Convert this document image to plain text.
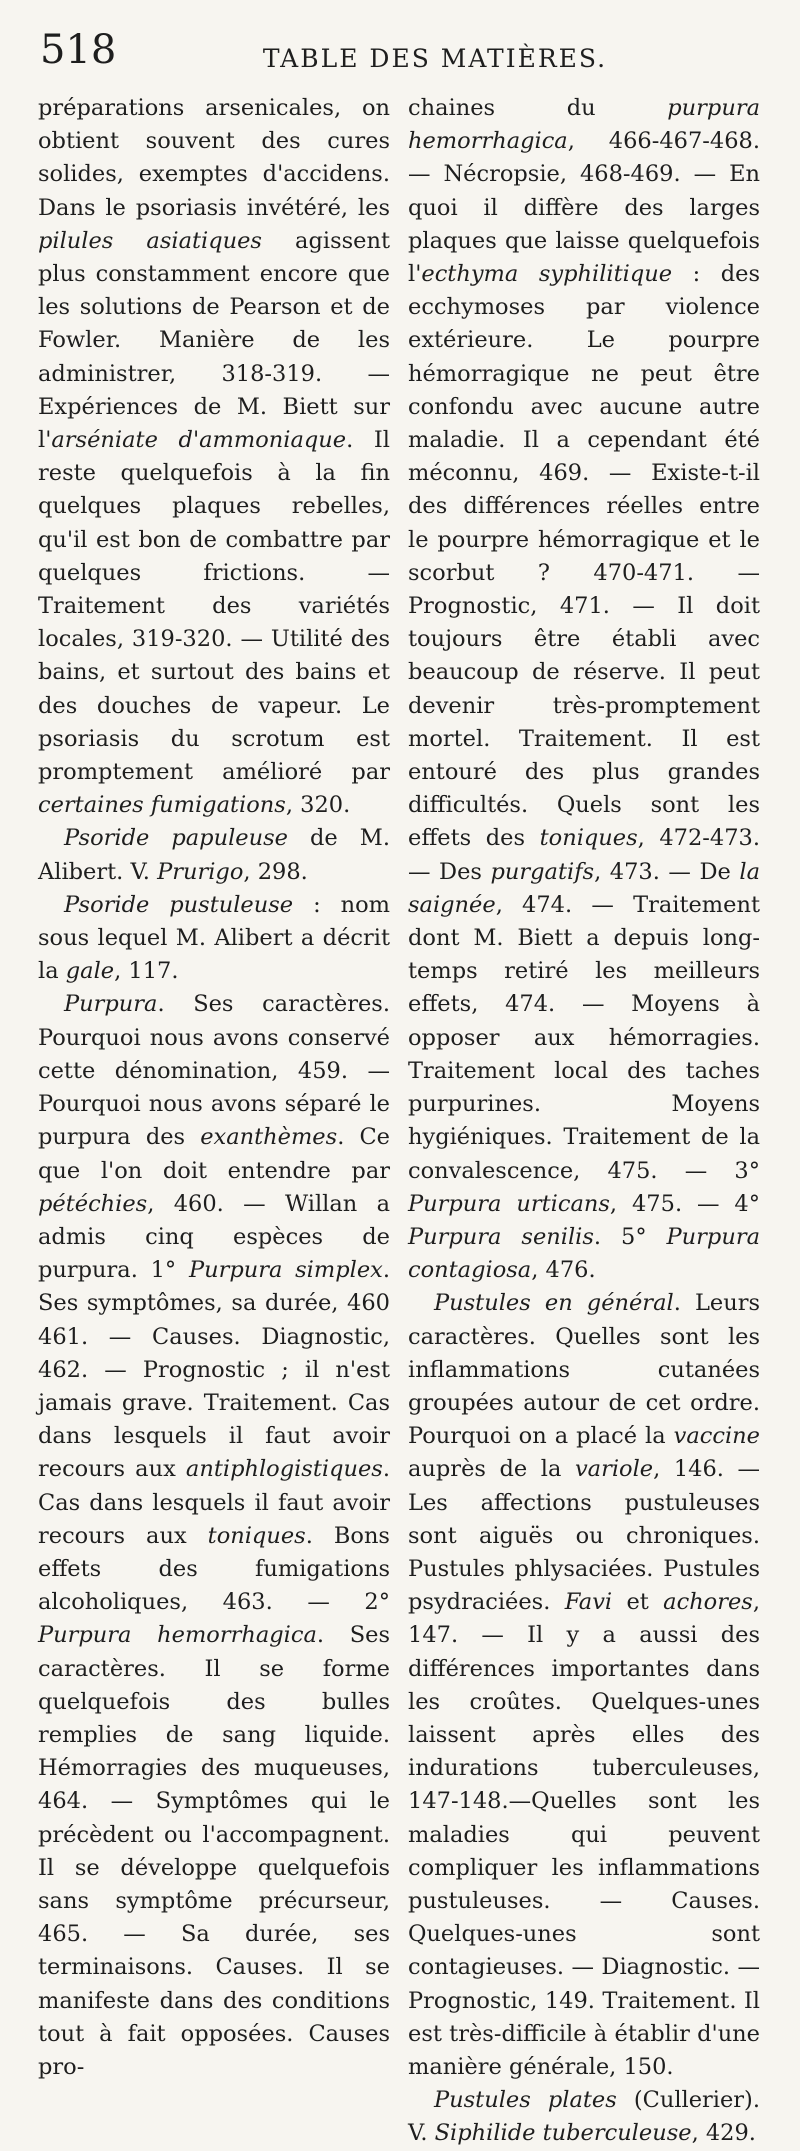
518	TABLE DES MATIÈRES.

préparations arsenicales, on obtient souvent des cures solides, exemptes d'accidens. Dans le psoriasis invétéré, les pilules asiatiques agissent plus constamment encore que les solutions de Pearson et de Fowler. Manière de les administrer, 318-319. — Expériences de M. Biett sur l'arséniate d'ammoniaque. Il reste quelquefois à la fin quelques plaques rebelles, qu'il est bon de combattre par quelques frictions. — Traitement des variétés locales, 319-320. — Utilité des bains, et surtout des bains et des douches de vapeur. Le psoriasis du scrotum est promptement amélioré par certaines fumigations, 320.

Psoride papuleuse de M. Alibert. V. Prurigo, 298.

Psoride pustuleuse : nom sous lequel M. Alibert a décrit la gale, 117.

Purpura. Ses caractères. Pourquoi nous avons conservé cette dénomination, 459. — Pourquoi nous avons séparé le purpura des exanthèmes. Ce que l'on doit entendre par pétéchies, 460. — Willan a admis cinq espèces de purpura. 1° Purpura simplex. Ses symptômes, sa durée, 460 461. — Causes. Diagnostic, 462. — Prognostic ; il n'est jamais grave. Traitement. Cas dans lesquels il faut avoir recours aux antiphlogistiques. Cas dans lesquels il faut avoir recours aux toniques. Bons effets des fumigations alcoholiques, 463. — 2° Purpura hemorrhagica. Ses caractères. Il se forme quelquefois des bulles remplies de sang liquide. Hémorragies des muqueuses, 464. — Symptômes qui le précèdent ou l'accompagnent. Il se développe quelquefois sans symptôme précurseur, 465. — Sa durée, ses terminaisons. Causes. Il se manifeste dans des conditions tout à fait opposées. Causes pro-

chaines du purpura hemorrhagica, 466-467-468. — Nécropsie, 468-469. — En quoi il diffère des larges plaques que laisse quelquefois l'ecthyma syphilitique : des ecchymoses par violence extérieure. Le pourpre hémorragique ne peut être confondu avec aucune autre maladie. Il a cependant été méconnu, 469. — Existe-t-il des différences réelles entre le pourpre hémorragique et le scorbut ? 470-471. — Prognostic, 471. — Il doit toujours être établi avec beaucoup de réserve. Il peut devenir très-promptement mortel. Traitement. Il est entouré des plus grandes difficultés. Quels sont les effets des toniques, 472-473. — Des purgatifs, 473. — De la saignée, 474. — Traitement dont M. Biett a depuis long-temps retiré les meilleurs effets, 474. — Moyens à opposer aux hémorragies. Traitement local des taches purpurines. Moyens hygiéniques. Traitement de la convalescence, 475. — 3° Purpura urticans, 475. — 4° Purpura senilis. 5° Purpura contagiosa, 476.

Pustules en général. Leurs caractères. Quelles sont les inflammations cutanées groupées autour de cet ordre. Pourquoi on a placé la vaccine auprès de la variole, 146. — Les affections pustuleuses sont aiguës ou chroniques. Pustules phlysaciées. Pustules psydraciées. Favi et achores, 147. — Il y a aussi des différences importantes dans les croûtes. Quelques-unes laissent après elles des indurations tuberculeuses, 147-148.—Quelles sont les maladies qui peuvent compliquer les inflammations pustuleuses. — Causes. Quelques-unes sont contagieuses. — Diagnostic. — Prognostic, 149. Traitement. Il est très-difficile à établir d'une manière générale, 150.

Pustules plates (Cullerier). V. Siphilide tuberculeuse, 429.
